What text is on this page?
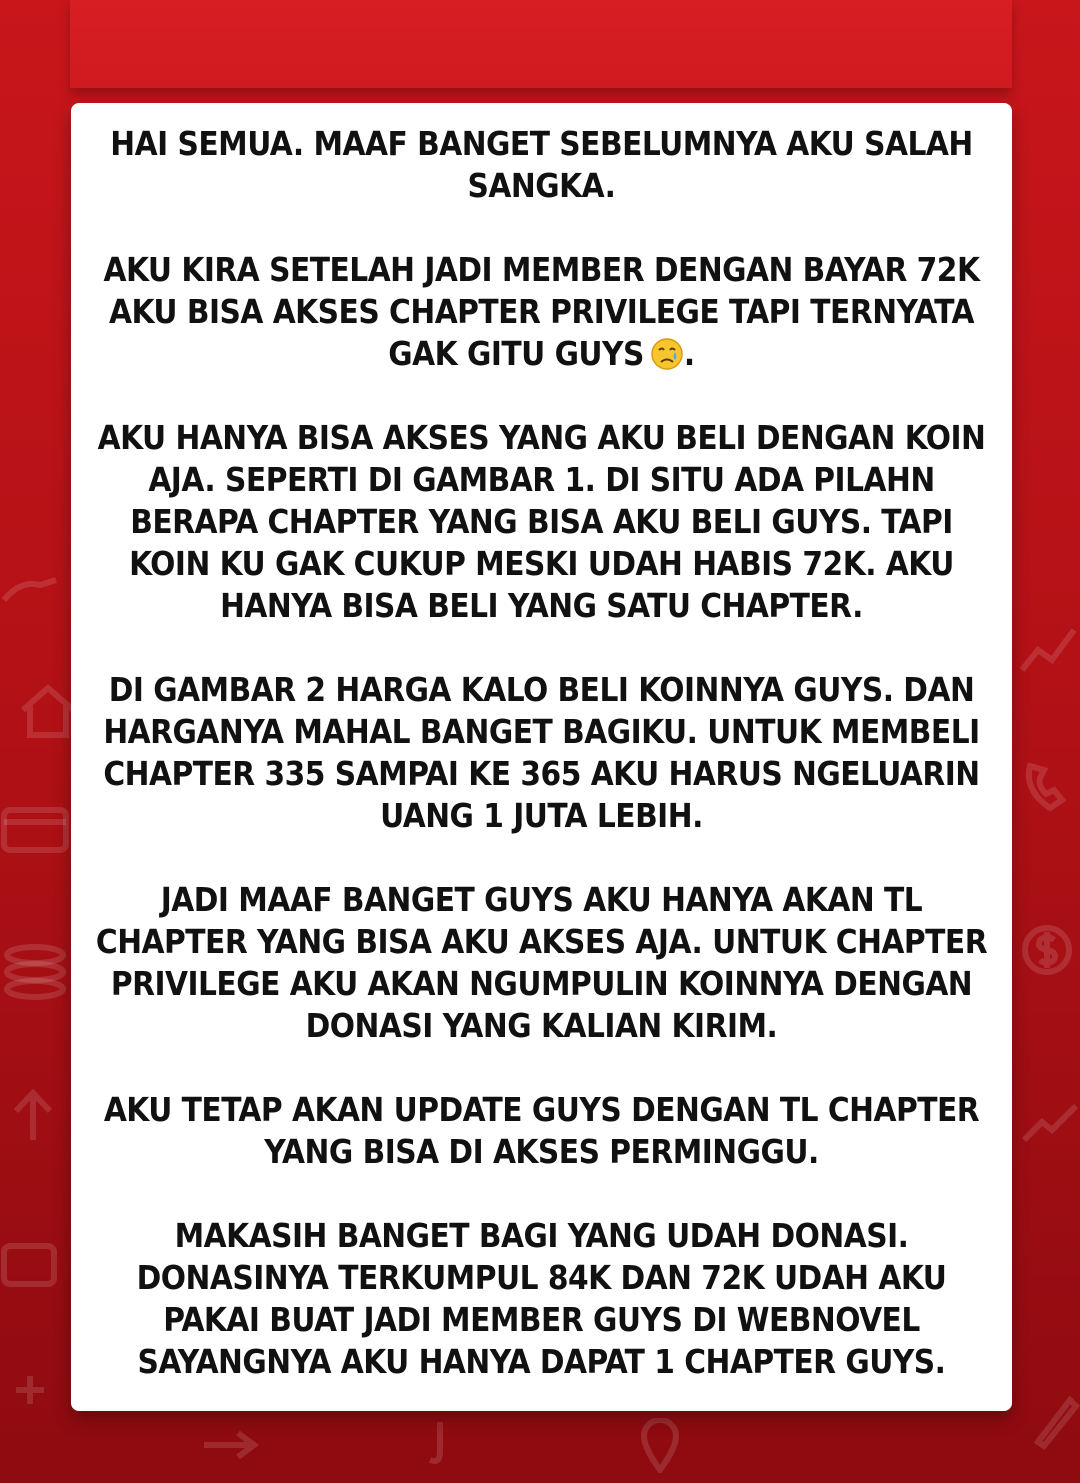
HAI SEMUA. MAAF BANGET SEBELUMNYA AKU SALAH SANGKA.

AKU KIRA SETELAH JADI MEMBER DENGAN BAYAR 72K AKU BISA AKSES CHAPTER PRIVILEGE TAPI TERNYATA GAK GITU GUYS .

AKU HANYA BISA AKSES YANG AKU BELI DENGAN KOIN AJA. SEPERTI DI GAMBAR 1. DI SITU ADA PILAHN BERAPA CHAPTER YANG BISA AKU BELI GUYS. TAPI KOIN KU GAK CUKUP MESKI UDAH HABIS 72K. AKU HANYA BISA BELI YANG SATU CHAPTER.

DI GAMBAR 2 HARGA KALO BELI KOINNYA GUYS. DAN HARGANYA MAHAL BANGET BAGIKU. UNTUK MEMBELI CHAPTER 335 SAMPAI KE 365 AKU HARUS NGELUARIN UANG 1 JUTA LEBIH.

JADI MAAF BANGET GUYS AKU HANYA AKAN TL CHAPTER YANG BISA AKU AKSES AJA. UNTUK CHAPTER PRIVILEGE AKU AKAN NGUMPULIN KOINNYA DENGAN DONASI YANG KALIAN KIRIM.

AKU TETAP AKAN UPDATE GUYS DENGAN TL CHAPTER YANG BISA DI AKSES PERMINGGU.

MAKASIH BANGET BAGI YANG UDAH DONASI. DONASINYA TERKUMPUL 84K DAN 72K UDAH AKU PAKAI BUAT JADI MEMBER GUYS DI WEBNOVEL SAYANGNYA AKU HANYA DAPAT 1 CHAPTER GUYS.
